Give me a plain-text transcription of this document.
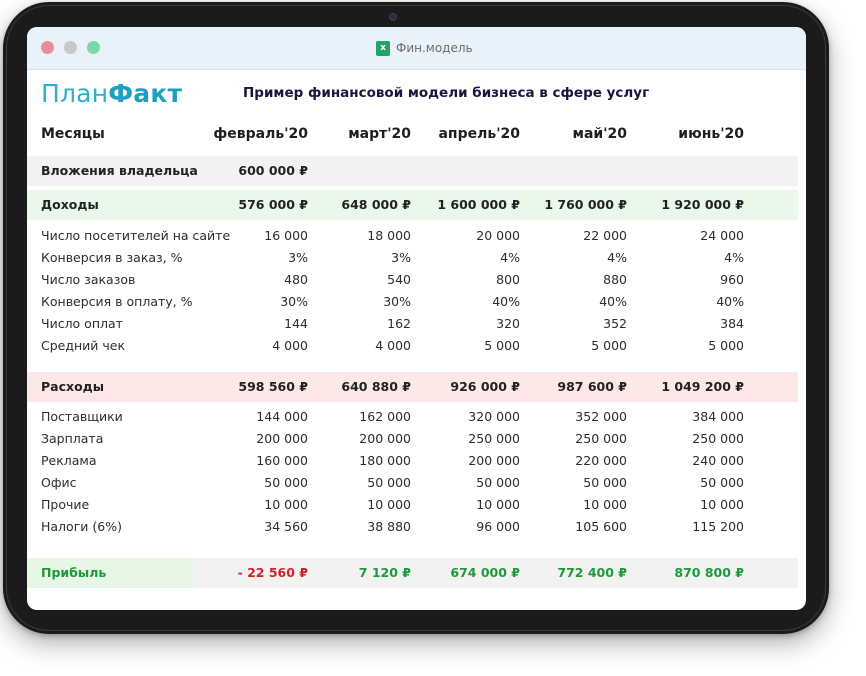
x Фин.модель
ПланФакт	Пример финансовой модели бизнеса в сфере услуг
Месяцы	февраль'20	март'20	апрель'20	май'20	июнь'20
Вложения владельца	600 000 ₽
Доходы	576 000 ₽	648 000 ₽	1 600 000 ₽	1 760 000 ₽	1 920 000 ₽
Число посетителей на сайте	16 000	18 000	20 000	22 000	24 000
Конверсия в заказ, %	3%	3%	4%	4%	4%
Число заказов	480	540	800	880	960
Конверсия в оплату, %	30%	30%	40%	40%	40%
Число оплат	144	162	320	352	384
Средний чек	4 000	4 000	5 000	5 000	5 000
Расходы	598 560 ₽	640 880 ₽	926 000 ₽	987 600 ₽	1 049 200 ₽
Поставщики	144 000	162 000	320 000	352 000	384 000
Зарплата	200 000	200 000	250 000	250 000	250 000
Реклама	160 000	180 000	200 000	220 000	240 000
Офис	50 000	50 000	50 000	50 000	50 000
Прочие	10 000	10 000	10 000	10 000	10 000
Налоги (6%)	34 560	38 880	96 000	105 600	115 200
Прибыль	- 22 560 ₽	7 120 ₽	674 000 ₽	772 400 ₽	870 800 ₽
